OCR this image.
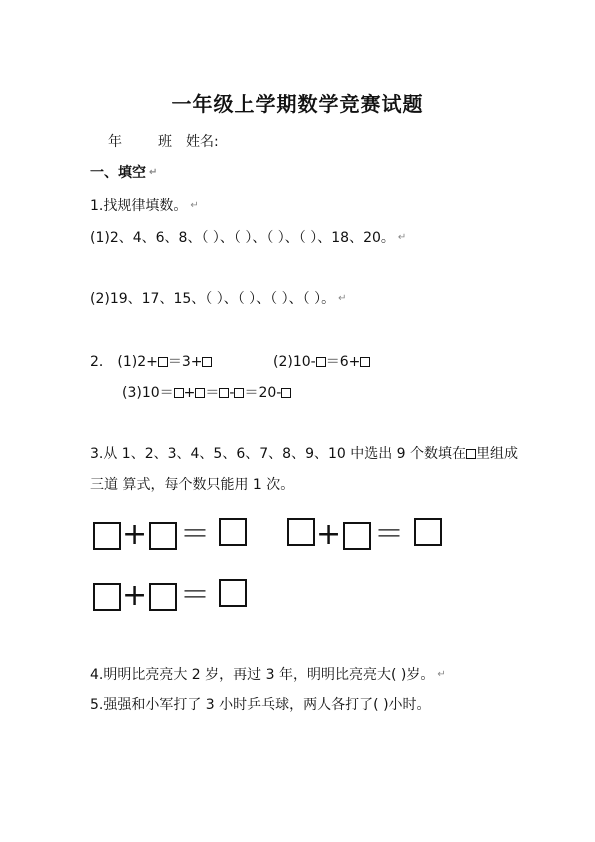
一年级上学期数学竞赛试题
年	班 姓名:
一、填空 ↵
1.找规律填数。 ↵
(1)2、4、6、8、（ ）、（ ）、（ ）、（ ）、18、20。 ↵
(2)19、17、15、（ ）、（ ）、（ ）、（ ）。 ↵
2． (1)2+ ＝3+	(2)10- ＝6+
(3)10＝ + ＝ - ＝20-
3.从 1、2、3、4、5、6、7、8、9、10 中选出 9 个数填在 里组成
三道 算式，每个数只能用 1 次。
+ ＝	+ ＝
+ ＝
4.明明比亮亮大 2 岁，再过 3 年，明明比亮亮大( )岁。 ↵
5.强强和小军打了 3 小时乒乓球，两人各打了( )小时。
